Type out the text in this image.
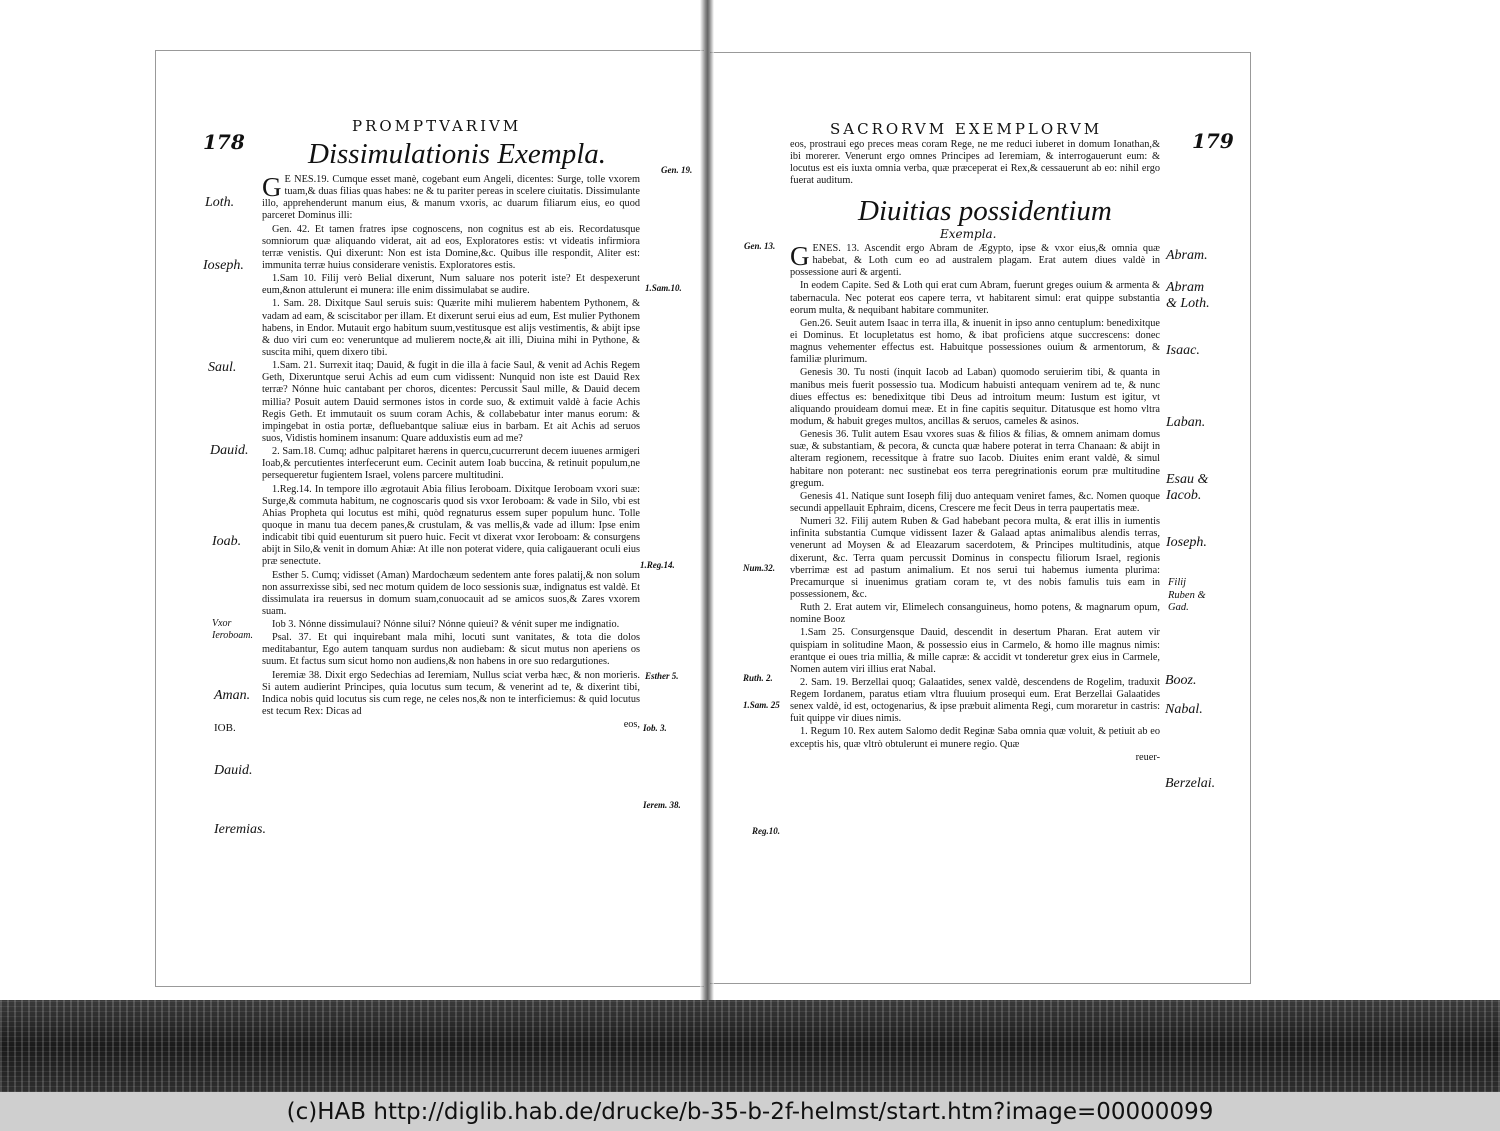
178
PROMPTVARIVM
Dissimulationis Exempla.

G E NES.19. Cumque esset manè, cogebant eum Angeli, dicentes: Surge, tolle vxorem tuam,& duas filias quas habes: ne & tu pariter pereas in scelere ciuitatis. Dissimulante illo, apprehenderunt manum eius, & manum vxoris, ac duarum filiarum eius, eo quod parceret Dominus illi:

Gen. 42. Et tamen fratres ipse cognoscens, non cognitus est ab eis. Recordatusque somniorum quæ aliquando viderat, ait ad eos, Exploratores estis: vt videatis infirmiora terræ venistis. Qui dixerunt: Non est ista Domine,&c. Quibus ille respondit, Aliter est: immunita terræ huius considerare venistis. Exploratores estis.

1.Sam 10. Filij verò Belial dixerunt, Num saluare nos poterit iste? Et despexerunt eum,&non attulerunt ei munera: ille enim dissimulabat se audire.

1. Sam. 28. Dixitque Saul seruis suis: Quærite mihi mulierem habentem Pythonem, & vadam ad eam, & sciscitabor per illam. Et dixerunt serui eius ad eum, Est mulier Pythonem habens, in Endor. Mutauit ergo habitum suum,vestitusque est alijs vestimentis, & abijt ipse & duo viri cum eo: veneruntque ad mulierem nocte,& ait illi, Diuina mihi in Pythone, & suscita mihi, quem dixero tibi.

1.Sam. 21. Surrexit itaq; Dauid, & fugit in die illa à facie Saul, & venit ad Achis Regem Geth, Dixeruntque serui Achis ad eum cum vidissent: Nunquid non iste est Dauid Rex terræ? Nónne huic cantabant per choros, dicentes: Percussit Saul mille, & Dauid decem millia? Posuit autem Dauid sermones istos in corde suo, & extimuit valdè à facie Achis Regis Geth. Et immutauit os suum coram Achis, & collabebatur inter manus eorum: & impingebat in ostia portæ, defluebantque saliuæ eius in barbam. Et ait Achis ad seruos suos, Vidistis hominem insanum: Quare adduxistis eum ad me?

2. Sam.18. Cumq; adhuc palpitaret hærens in quercu,cucurrerunt decem iuuenes armigeri Ioab,& percutientes interfecerunt eum. Cecinit autem Ioab buccina, & retinuit populum,ne persequeretur fugientem Israel, volens parcere multitudini.

1.Reg.14. In tempore illo ægrotauit Abia filius Ieroboam. Dixitque Ieroboam vxori suæ: Surge,& commuta habitum, ne cognoscaris quod sis vxor Ieroboam: & vade in Silo, vbi est Ahias Propheta qui locutus est mihi, quòd regnaturus essem super populum hunc. Tolle quoque in manu tua decem panes,& crustulam, & vas mellis,& vade ad illum: Ipse enim indicabit tibi quid euenturum sit puero huic. Fecit vt dixerat vxor Ieroboam: & consurgens abijt in Silo,& venit in domum Ahiæ: At ille non poterat videre, quia caligauerant oculi eius præ senectute.

Esther 5. Cumq; vidisset (Aman) Mardochæum sedentem ante fores palatij,& non solum non assurrexisse sibi, sed nec motum quidem de loco sessionis suæ, indignatus est valdè. Et dissimulata ira reuersus in domum suam,conuocauit ad se amicos suos,& Zares vxorem suam.

Iob 3. Nónne dissimulaui? Nónne silui? Nónne quieui? & vénit super me indignatio.

Psal. 37. Et qui inquirebant mala mihi, locuti sunt vanitates, & tota die dolos meditabantur, Ego autem tanquam surdus non audiebam: & sicut mutus non aperiens os suum. Et factus sum sicut homo non audiens,& non habens in ore suo redargutiones.

Ieremiæ 38. Dixit ergo Sedechias ad Ieremiam, Nullus sciat verba hæc, & non morieris. Si autem audierint Principes, quia locutus sum tecum, & venerint ad te, & dixerint tibi, Indica nobis quid locutus sis cum rege, ne celes nos,& non te interficiemus: & quid locutus est tecum Rex: Dicas ad

eos,
Loth.
Ioseph.
Saul.
Dauid.
Ioab.
Vxor Ieroboam.
Aman.
IOB.
Dauid.
Ieremias.
Gen. 19.
1.Sam.10.
1.Reg.14.
Esther 5.
Iob. 3.
Ierem. 38.
SACRORVM EXEMPLORVM	179
eos, prostraui ego preces meas coram Rege, ne me reduci iuberet in domum Ionathan,& ibi morerer. Venerunt ergo omnes Principes ad Ieremiam, & interrogauerunt eum: & locutus est eis iuxta omnia verba, quæ præceperat ei Rex,& cessauerunt ab eo: nihil ergo fuerat auditum.
Diuitias possidentium
Exempla.

GENES. 13. Ascendit ergo Abram de Ægypto, ipse & vxor eius,& omnia quæ habebat, & Loth cum eo ad australem plagam. Erat autem diues valdè in possessione auri & argenti.

In eodem Capite. Sed & Loth qui erat cum Abram, fuerunt greges ouium & armenta & tabernacula. Nec poterat eos capere terra, vt habitarent simul: erat quippe substantia eorum multa, & nequibant habitare communiter.

Gen.26. Seuit autem Isaac in terra illa, & inuenit in ipso anno centuplum: benedixitque ei Dominus. Et locupletatus est homo, & ibat proficiens atque succrescens: donec magnus vehementer effectus est. Habuitque possessiones ouium & armentorum, & familiæ plurimum.

Genesis 30. Tu nosti (inquit Iacob ad Laban) quomodo seruierim tibi, & quanta in manibus meis fuerit possessio tua. Modicum habuisti antequam venirem ad te, & nunc diues effectus es: benedixitque tibi Deus ad introitum meum: Iustum est igitur, vt aliquando prouideam domui meæ. Et in fine capitis sequitur. Ditatusque est homo vltra modum, & habuit greges multos, ancillas & seruos, cameles & asinos.

Genesis 36. Tulit autem Esau vxores suas & filios & filias, & omnem animam domus suæ, & substantiam, & pecora, & cuncta quæ habere poterat in terra Chanaan: & abijt in alteram regionem, recessitque à fratre suo Iacob. Diuites enim erant valdè, & simul habitare non poterant: nec sustinebat eos terra peregrinationis eorum præ multitudine gregum.

Genesis 41. Natique sunt Ioseph filij duo antequam veniret fames, &c. Nomen quoque secundi appellauit Ephraim, dicens, Crescere me fecit Deus in terra paupertatis meæ.

Numeri 32. Filij autem Ruben & Gad habebant pecora multa, & erat illis in iumentis infinita substantia Cumque vidissent Iazer & Galaad aptas animalibus alendis terras, venerunt ad Moysen & ad Eleazarum sacerdotem, & Principes multitudinis, atque dixerunt, &c. Terra quam percussit Dominus in conspectu filiorum Israel, regionis vberrimæ est ad pastum animalium. Et nos serui tui habemus iumenta plurima: Precamurque si inuenimus gratiam coram te, vt des nobis famulis tuis eam in possessionem, &c.

Ruth 2. Erat autem vir, Elimelech consanguineus, homo potens, & magnarum opum, nomine Booz

1.Sam 25. Consurgensque Dauid, descendit in desertum Pharan. Erat autem vir quispiam in solitudine Maon, & possessio eius in Carmelo, & homo ille magnus nimis: erantque ei oues tria millia, & mille capræ: & accidit vt tonderetur grex eius in Carmele, Nomen autem viri illius erat Nabal.

2. Sam. 19. Berzellai quoq; Galaatides, senex valdè, descendens de Rogelim, traduxit Regem Iordanem, paratus etiam vltra fluuium prosequi eum. Erat Berzellai Galaatides senex valdè, id est, octogenarius, & ipse præbuit alimenta Regi, cum moraretur in castris: fuit quippe vir diues nimis.

1. Regum 10. Rex autem Salomo dedit Reginæ Saba omnia quæ voluit, & petiuit ab eo exceptis his, quæ vltrò obtulerunt ei munere regio. Quæ

reuer-
Abram.
Abram & Loth.
Isaac.
Laban.
Esau & Iacob.
Ioseph.
Filij Ruben & Gad.
Booz.
Nabal.
Berzelai.
Gen. 13.
Num.32.
Ruth. 2.
1.Sam. 25
Reg.10.
(c)HAB http://diglib.hab.de/drucke/b-35-b-2f-helmst/start.htm?image=00000099
